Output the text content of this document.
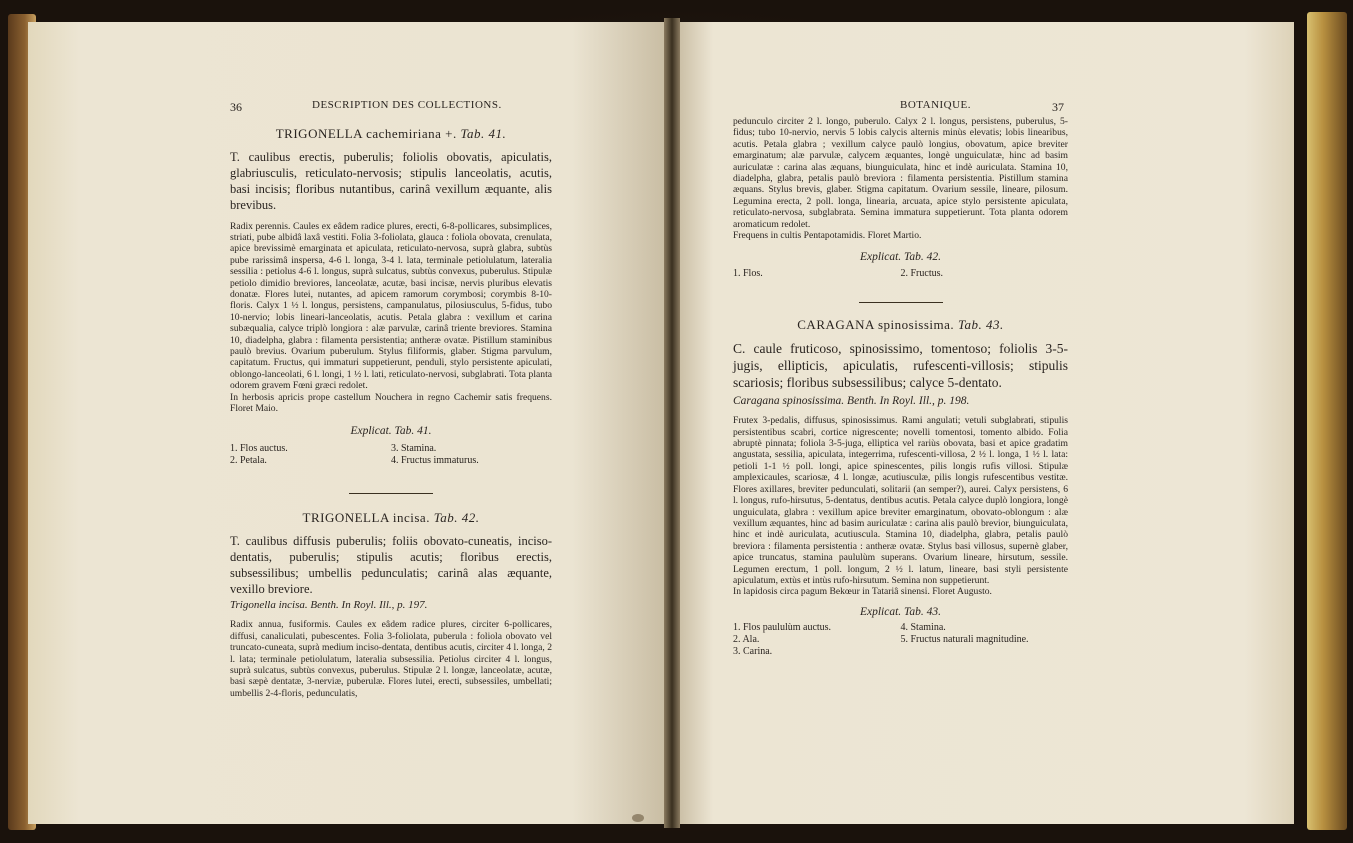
36	DESCRIPTION DES COLLECTIONS.

TRIGONELLA cachemiriana +. Tab. 41.

T. caulibus erectis, puberulis; foliolis obovatis, apiculatis, glabriusculis, reticulato-nervosis; stipulis lanceolatis, acutis, basi incisis; floribus nutantibus, carinâ vexillum æquante, alis brevibus.

Radix perennis. Caules ex eâdem radice plures, erecti, 6-8-pollicares, subsimplices, striati, pube albidâ laxâ vestiti. Folia 3-foliolata, glauca : foliola obovata, crenulata, apice brevissimè emarginata et apiculata, reticulato-nervosa, suprà glabra, subtùs pube rarissimâ inspersa, 4-6 l. longa, 3-4 l. lata, terminale petiolulatum, lateralia sessilia : petiolus 4-6 l. longus, suprà sulcatus, subtùs convexus, puberulus. Stipulæ petiolo dimidio breviores, lanceolatæ, acutæ, basi incisæ, nervis pluribus elevatis donatæ. Flores lutei, nutantes, ad apicem ramorum corymbosi; corymbis 8-10-floris. Calyx 1 ½ l. longus, persistens, campanulatus, pilosiusculus, 5-fidus, tubo 10-nervio; lobis lineari-lanceolatis, acutis. Petala glabra : vexillum et carina subæqualia, calyce triplò longiora : alæ parvulæ, carinâ triente breviores. Stamina 10, diadelpha, glabra : filamenta persistentia; antheræ ovatæ. Pistillum staminibus paulò brevius. Ovarium puberulum. Stylus filiformis, glaber. Stigma parvulum, capitatum. Fructus, qui immaturi suppetierunt, penduli, stylo persistente apiculati, oblongo-lanceolati, 6 l. longi, 1 ½ l. lati, reticulato-nervosi, subglabrati. Tota planta odorem gravem Fœni græci redolet.

In herbosis apricis prope castellum Nouchera in regno Cachemir satis frequens. Floret Maio.

Explicat. Tab. 41.

1. Flos auctus.
2. Petala.
3. Stamina.
4. Fructus immaturus.

TRIGONELLA incisa. Tab. 42.

T. caulibus diffusis puberulis; foliis obovato-cuneatis, inciso-dentatis, puberulis; stipulis acutis; floribus erectis, subsessilibus; umbellis pedunculatis; carinâ alas æquante, vexillo breviore.

Trigonella incisa. Benth. In Royl. Ill., p. 197.

Radix annua, fusiformis. Caules ex eâdem radice plures, circiter 6-pollicares, diffusi, canaliculati, pubescentes. Folia 3-foliolata, puberula : foliola obovato vel truncato-cuneata, suprà medium inciso-dentata, dentibus acutis, circiter 4 l. longa, 2 l. lata; terminale petiolulatum, lateralia subsessilia. Petiolus circiter 4 l. longus, suprà sulcatus, subtùs convexus, puberulus. Stipulæ 2 l. longæ, lanceolatæ, acutæ, basi sæpè dentatæ, 3-nerviæ, puberulæ. Flores lutei, erecti, subsessiles, umbellati; umbellis 2-4-floris, pedunculatis,

BOTANIQUE.	37

pedunculo circiter 2 l. longo, puberulo. Calyx 2 l. longus, persistens, puberulus, 5-fidus; tubo 10-nervio, nervis 5 lobis calycis alternis minùs elevatis; lobis linearibus, acutis. Petala glabra ; vexillum calyce paulò longius, obovatum, apice breviter emarginatum; alæ parvulæ, calycem æquantes, longè unguiculatæ, hinc ad basim auriculatæ : carina alas æquans, biunguiculata, hinc et indè auriculata. Stamina 10, diadelpha, glabra, petalis paulò breviora : filamenta persistentia. Pistillum stamina æquans. Stylus brevis, glaber. Stigma capitatum. Ovarium sessile, lineare, pilosum. Legumina erecta, 2 poll. longa, linearia, arcuata, apice stylo persistente apiculata, reticulato-nervosa, subglabrata. Semina immatura suppetierunt. Tota planta odorem aromaticum redolet.

Frequens in cultis Pentapotamidis. Floret Martio.

Explicat. Tab. 42.

1. Flos.	2. Fructus.

CARAGANA spinosissima. Tab. 43.

C. caule fruticoso, spinosissimo, tomentoso; foliolis 3-5-jugis, ellipticis, apiculatis, rufescenti-villosis; stipulis scariosis; floribus subsessilibus; calyce 5-dentato.

Caragana spinosissima. Benth. In Royl. Ill., p. 198.

Frutex 3-pedalis, diffusus, spinosissimus. Rami angulati; vetuli subglabrati, stipulis persistentibus scabri, cortice nigrescente; novelli tomentosi, tomento albido. Folia abruptè pinnata; foliola 3-5-juga, elliptica vel rariùs obovata, basi et apice gradatim angustata, sessilia, apiculata, integerrima, rufescenti-villosa, 2 ½ l. longa, 1 ½ l. lata: petioli 1-1 ½ poll. longi, apice spinescentes, pilis longis rufis villosi. Stipulæ amplexicaules, scariosæ, 4 l. longæ, acutiusculæ, pilis longis rufescentibus vestitæ. Flores axillares, breviter pedunculati, solitarii (an semper?), aurei. Calyx persistens, 6 l. longus, rufo-hirsutus, 5-dentatus, dentibus acutis. Petala calyce duplò longiora, longè unguiculata, glabra : vexillum apice breviter emarginatum, obovato-oblongum : alæ vexillum æquantes, hinc ad basim auriculatæ : carina alis paulò brevior, biunguiculata, hinc et indè auriculata, acutiuscula. Stamina 10, diadelpha, glabra, petalis paulò breviora : filamenta persistentia : antheræ ovatæ. Stylus basi villosus, supernè glaber, apice truncatus, stamina paululùm superans. Ovarium lineare, hirsutum, sessile. Legumen erectum, 1 poll. longum, 2 ½ l. latum, lineare, basi styli persistente apiculatum, extùs et intùs rufo-hirsutum. Semina non suppetierunt.

In lapidosis circa pagum Bekœur in Tatariâ sinensi. Floret Augusto.

Explicat. Tab. 43.

1. Flos paululùm auctus.
2. Ala.
3. Carina.
4. Stamina.
5. Fructus naturali magnitudine.
